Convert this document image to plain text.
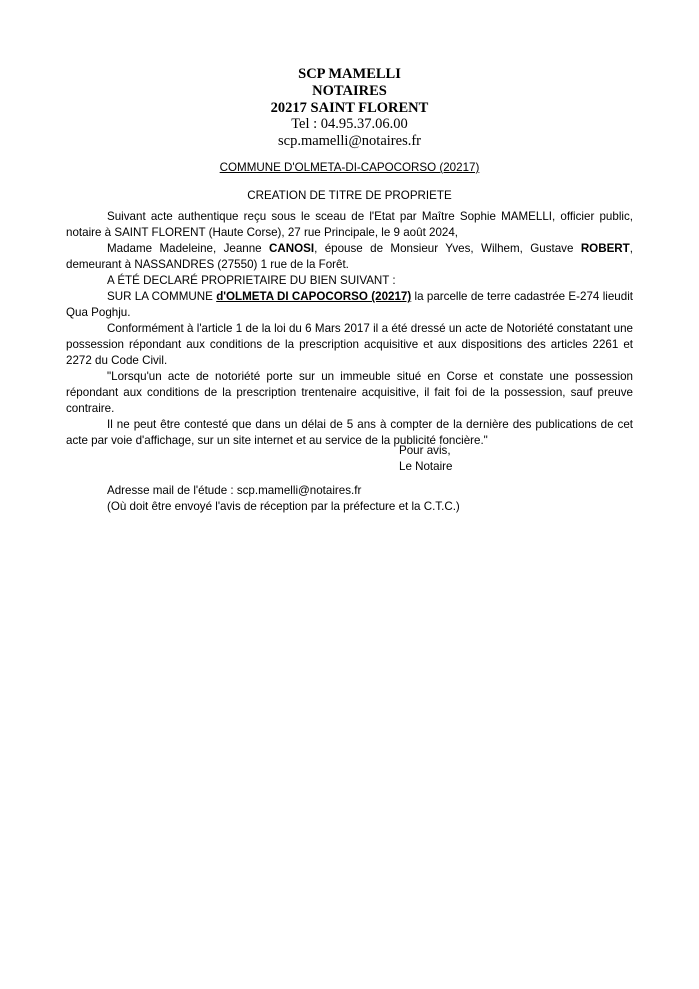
SCP MAMELLI
NOTAIRES
20217 SAINT FLORENT
Tel : 04.95.37.06.00
scp.mamelli@notaires.fr
COMMUNE D'OLMETA-DI-CAPOCORSO (20217)
CREATION DE TITRE DE PROPRIETE

Suivant acte authentique reçu sous le sceau de l'Etat par Maître Sophie MAMELLI, officier public, notaire à SAINT FLORENT (Haute Corse), 27 rue Principale, le 9 août 2024,

Madame Madeleine, Jeanne CANOSI, épouse de Monsieur Yves, Wilhem, Gustave ROBERT, demeurant à NASSANDRES (27550) 1 rue de la Forêt.

A ÉTÉ DECLARÉ PROPRIETAIRE DU BIEN SUIVANT :

SUR LA COMMUNE d'OLMETA DI CAPOCORSO (20217) la parcelle de terre cadastrée E-274 lieudit Qua Poghju.

Conformément à l'article 1 de la loi du 6 Mars 2017 il a été dressé un acte de Notoriété constatant une possession répondant aux conditions de la prescription acquisitive et aux dispositions des articles 2261 et 2272 du Code Civil.

"Lorsqu'un acte de notoriété porte sur un immeuble situé en Corse et constate une possession répondant aux conditions de la prescription trentenaire acquisitive, il fait foi de la possession, sauf preuve contraire.

Il ne peut être contesté que dans un délai de 5 ans à compter de la dernière des publications de cet acte par voie d'affichage, sur un site internet et au service de la publicité foncière."

Pour avis,
Le Notaire
Adresse mail de l'étude : scp.mamelli@notaires.fr
(Où doit être envoyé l'avis de réception par la préfecture et la C.T.C.)
